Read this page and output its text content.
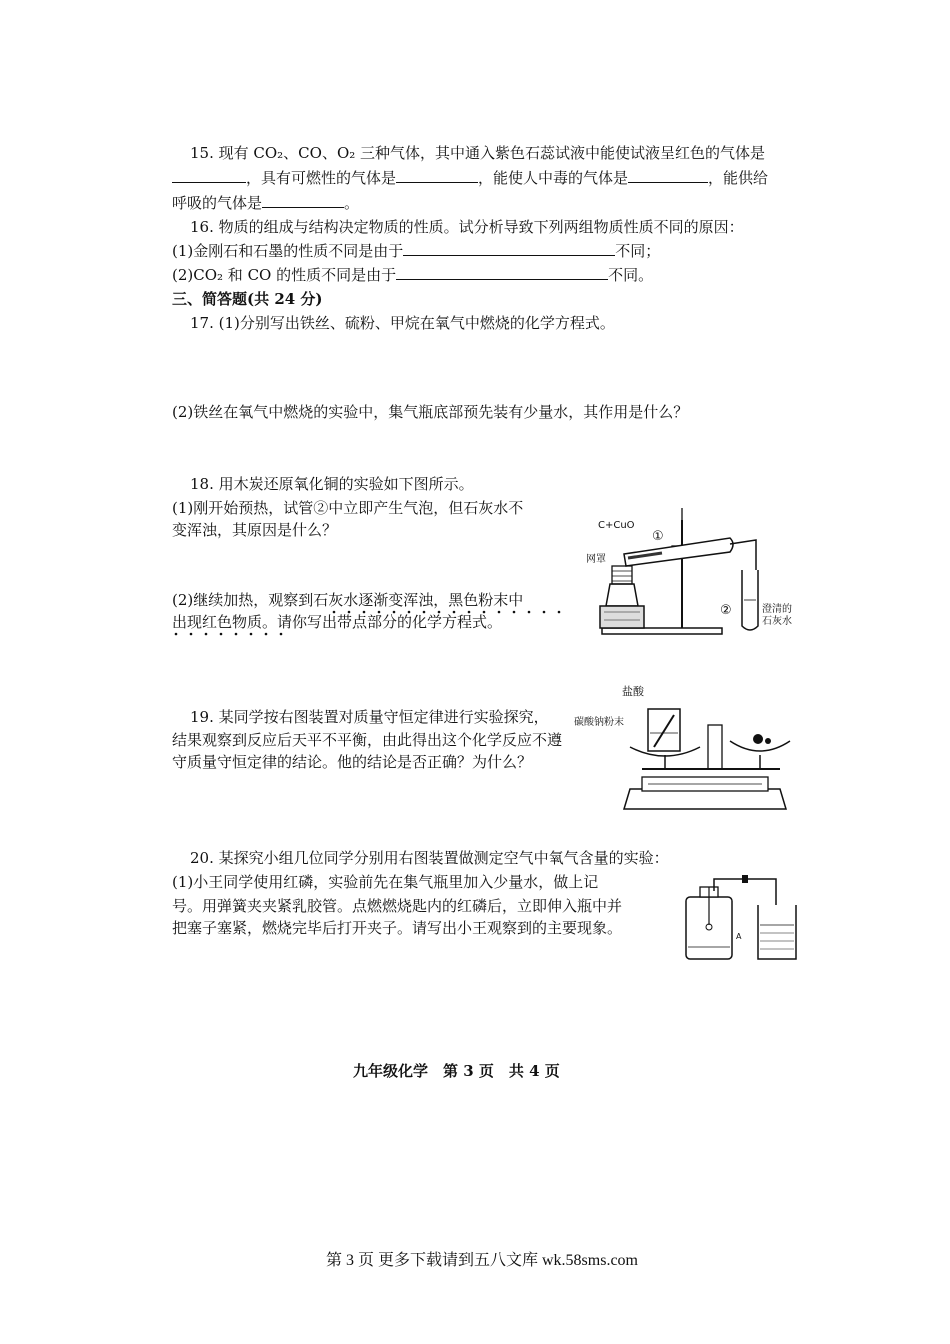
15. 现有 CO₂、CO、O₂ 三种气体，其中通入紫色石蕊试液中能使试液呈红色的气体是
，具有可燃性的气体是	，能使人中毒的气体是	，能供给
呼吸的气体是	。
16. 物质的组成与结构决定物质的性质。试分析导致下列两组物质性质不同的原因：
(1)金刚石和石墨的性质不同是由于	不同；
(2)CO₂ 和 CO 的性质不同是由于	不同。
三、简答题(共 24 分)
17. (1)分别写出铁丝、硫粉、甲烷在氧气中燃烧的化学方程式。
(2)铁丝在氧气中燃烧的实验中，集气瓶底部预先装有少量水，其作用是什么？
18. 用木炭还原氧化铜的实验如下图所示。
(1)刚开始预热，试管②中立即产生气泡，但石灰水不
变浑浊，其原因是什么？
(2)继续加热，观察到石灰水逐渐变浑浊，黑色粉末中
出现红色物质。请你写出带点部分的化学方程式。
C+CuO
①
②
网罩
澄清的
石灰水
19. 某同学按右图装置对质量守恒定律进行实验探究，
结果观察到反应后天平不平衡，由此得出这个化学反应不遵
守质量守恒定律的结论。他的结论是否正确？为什么？
盐酸
碳酸钠粉末
20. 某探究小组几位同学分别用右图装置做测定空气中氧气含量的实验：
(1)小王同学使用红磷，实验前先在集气瓶里加入少量水，做上记
号。用弹簧夹夹紧乳胶管。点燃燃烧匙内的红磷后，立即伸入瓶中并
把塞子塞紧，燃烧完毕后打开夹子。请写出小王观察到的主要现象。	A
九年级化学　第 3 页　共 4 页
第 3 页 更多下载请到五八文库 wk.58sms.com
